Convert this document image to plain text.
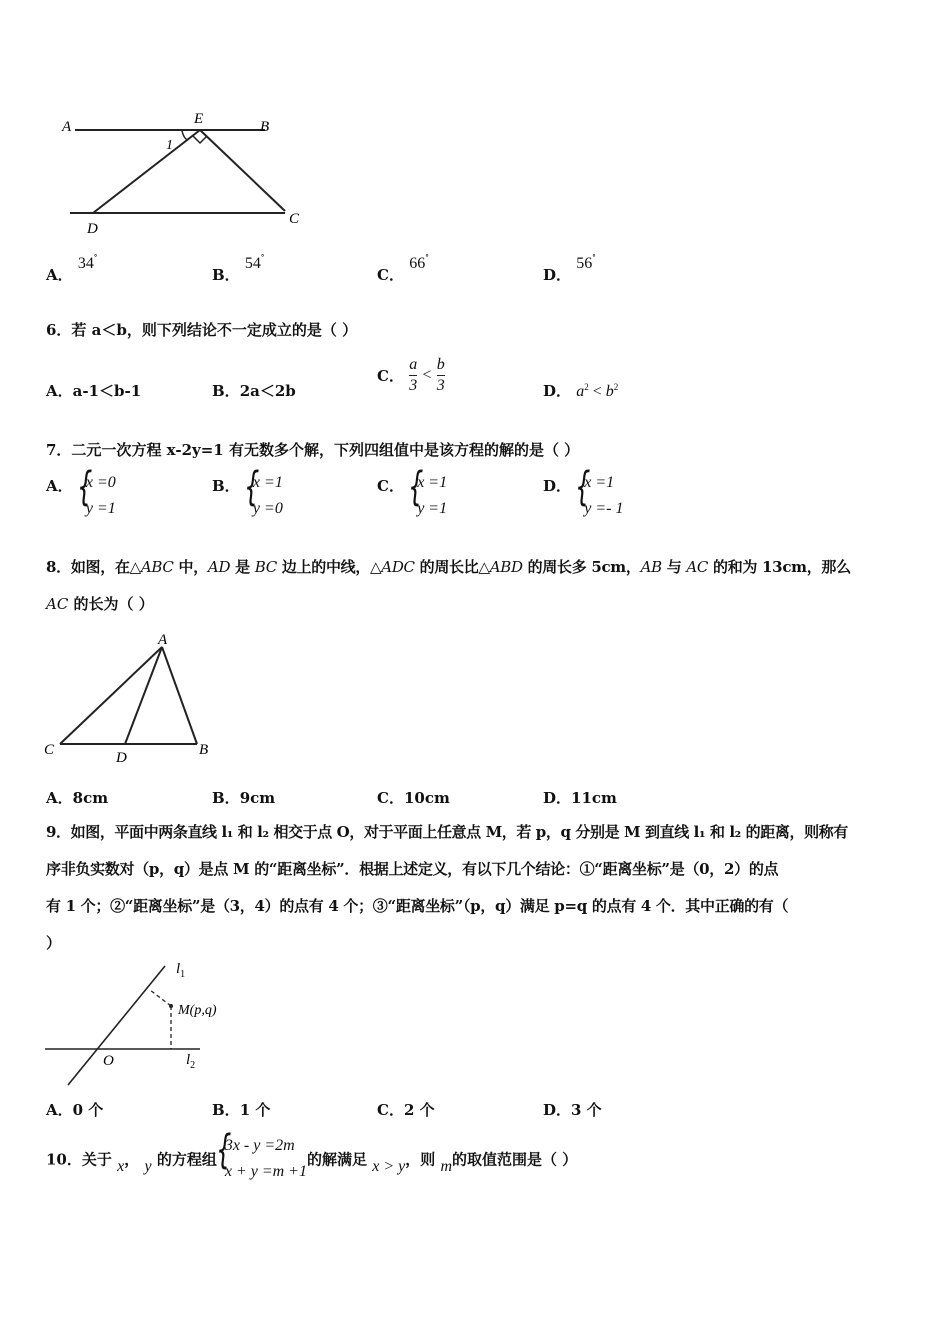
A	E	B
1
D
C
A． 34°
B． 54°
C． 66°
D． 56°
6．若 a＜b，则下列结论不一定成立的是（ ）
A．a-1＜b-1	B．2a＜2b
C． $\frac{a}{3} < \frac{b}{3}$	D． $a^2 < b^2$
7．二元一次方程 x-2y=1 有无数多个解，下列四组值中是该方程的解的是（ ）
A． { x =0
y =1
B． { x =1
y =0
C． { x =1
y =1
D． { x =1
y =- 1
8．如图，在△ABC 中，AD 是 BC 边上的中线，△ADC 的周长比△ABD 的周长多 5cm，AB 与 AC 的和为 13cm，那么
AC 的长为（ ）
A
C	D	B
A．8cm	B．9cm	C．10cm	D．11cm
9．如图，平面中两条直线 l₁ 和 l₂ 相交于点 O，对于平面上任意点 M，若 p，q 分别是 M 到直线 l₁ 和 l₂ 的距离，则称有
序非负实数对（p，q）是点 M 的“距离坐标”．根据上述定义，有以下几个结论：①“距离坐标”是（0，2）的点
有 1 个；②“距离坐标”是（3，4）的点有 4 个；③“距离坐标”（p，q）满足 p=q 的点有 4 个．其中正确的有（
）
$l_1$
M(p,q)
O	$l_2$
A．0 个	B．1 个	C．2 个	D．3 个
10．关于 x， y 的方程组
{ 3x - y =2m
x + y =m +1
的解满足 x > y，则 m的取值范围是（ ）
